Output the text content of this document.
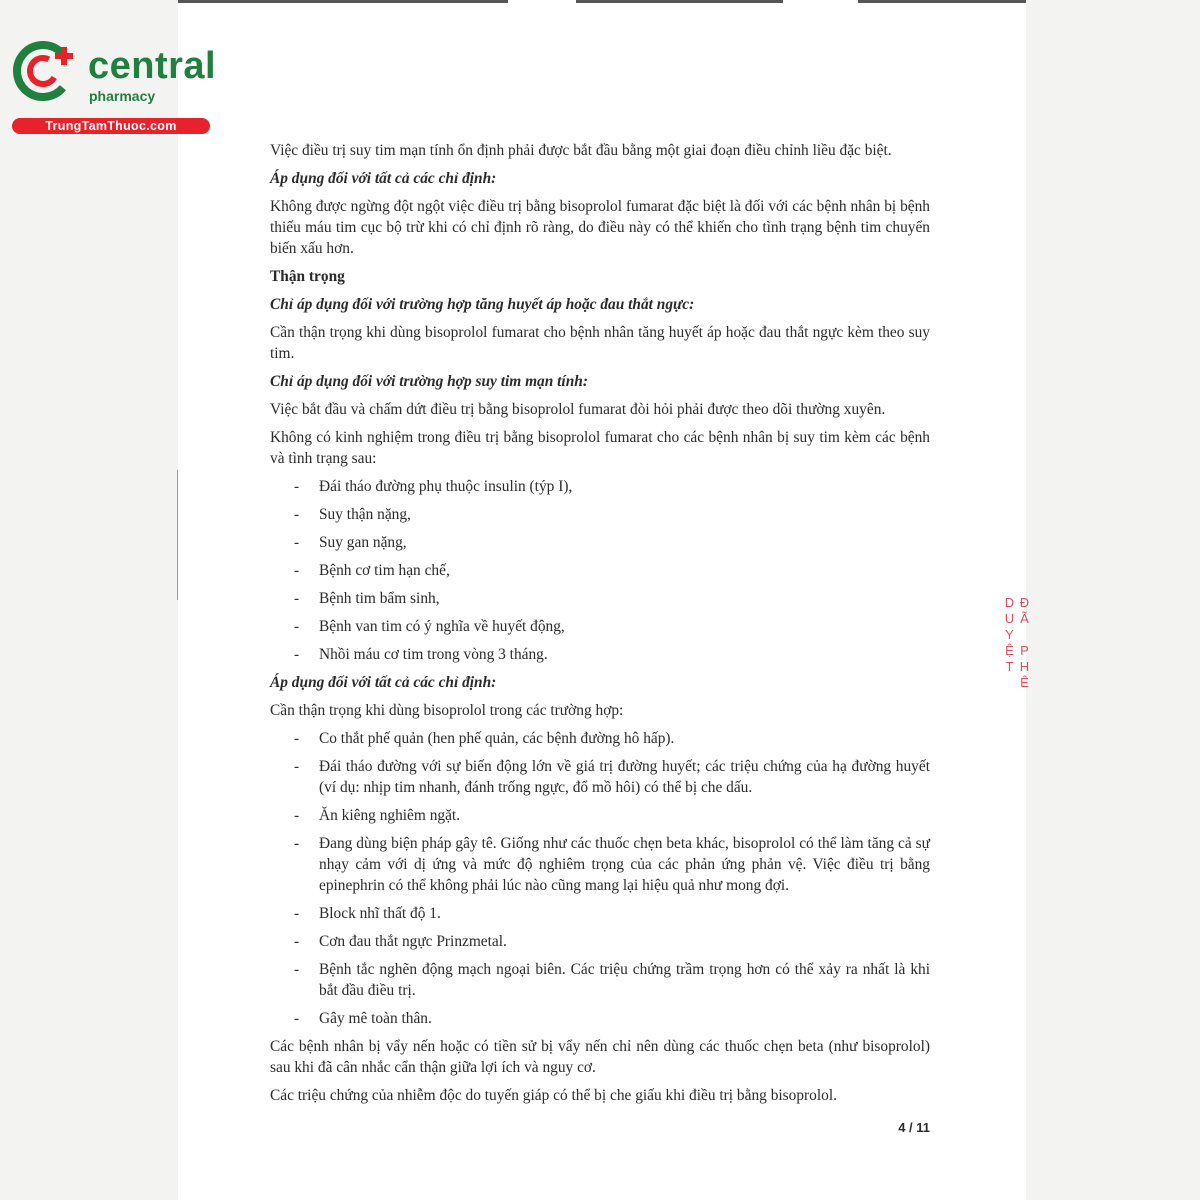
central
pharmacy
TrungTamThuoc.com

Việc điều trị suy tim mạn tính ổn định phải được bắt đầu bằng một giai đoạn điều chỉnh liều đặc biệt.

Áp dụng đối với tất cả các chỉ định:

Không được ngừng đột ngột việc điều trị bằng bisoprolol fumarat đặc biệt là đối với các bệnh nhân bị bệnh thiếu máu tim cục bộ trừ khi có chỉ định rõ ràng, do điều này có thể khiến cho tình trạng bệnh tim chuyển biến xấu hơn.

Thận trọng

Chỉ áp dụng đối với trường hợp tăng huyết áp hoặc đau thắt ngực:

Cần thận trọng khi dùng bisoprolol fumarat cho bệnh nhân tăng huyết áp hoặc đau thắt ngực kèm theo suy tim.

Chỉ áp dụng đối với trường hợp suy tim mạn tính:

Việc bắt đầu và chấm dứt điều trị bằng bisoprolol fumarat đòi hỏi phải được theo dõi thường xuyên.

Không có kinh nghiệm trong điều trị bằng bisoprolol fumarat cho các bệnh nhân bị suy tim kèm các bệnh và tình trạng sau:

-	Đái tháo đường phụ thuộc insulin (týp I),
-	Suy thận nặng,
-	Suy gan nặng,
-	Bệnh cơ tim hạn chế,
-	Bệnh tim bẩm sinh,
-	Bệnh van tim có ý nghĩa về huyết động,
-	Nhồi máu cơ tim trong vòng 3 tháng.

Áp dụng đối với tất cả các chỉ định:

Cần thận trọng khi dùng bisoprolol trong các trường hợp:

-	Co thắt phế quản (hen phế quản, các bệnh đường hô hấp).
-	Đái tháo đường với sự biến động lớn về giá trị đường huyết; các triệu chứng của hạ đường huyết (ví dụ: nhịp tim nhanh, đánh trống ngực, đổ mồ hôi) có thể bị che dấu.
-	Ăn kiêng nghiêm ngặt.
-	Đang dùng biện pháp gây tê. Giống như các thuốc chẹn beta khác, bisoprolol có thể làm tăng cả sự nhạy cảm với dị ứng và mức độ nghiêm trọng của các phản ứng phản vệ. Việc điều trị bằng epinephrin có thể không phải lúc nào cũng mang lại hiệu quả như mong đợi.
-	Block nhĩ thất độ 1.
-	Cơn đau thắt ngực Prinzmetal.
-	Bệnh tắc nghẽn động mạch ngoại biên. Các triệu chứng trầm trọng hơn có thể xảy ra nhất là khi bắt đầu điều trị.
-	Gây mê toàn thân.

Các bệnh nhân bị vẩy nến hoặc có tiền sử bị vẩy nến chỉ nên dùng các thuốc chẹn beta (như bisoprolol) sau khi đã cân nhắc cẩn thận giữa lợi ích và nguy cơ.

Các triệu chứng của nhiễm độc do tuyến giáp có thể bị che giấu khi điều trị bằng bisoprolol.

4 / 11
ĐÃ PHÊ DUYỆT
